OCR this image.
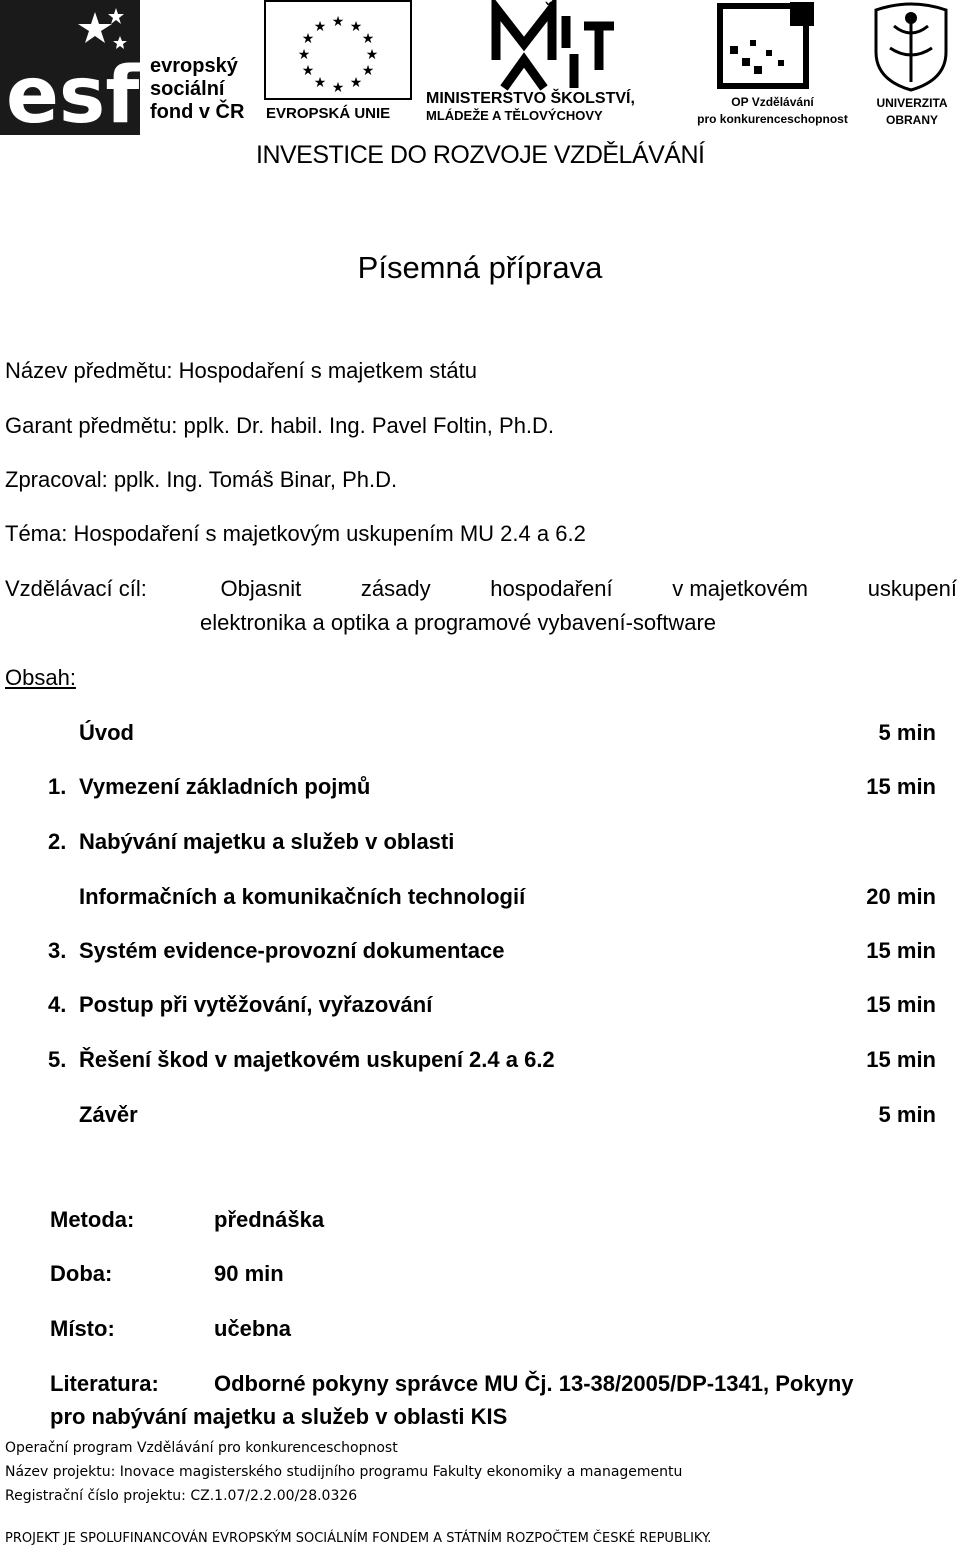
esf evropský
sociální
fond v ČR
★ ★
★
★
★
★
★
★
★
★
★
★
EVROPSKÁ UNIE
ˇ
MINISTERSTVO ŠKOLSTVÍ,
MLÁDEŽE A TĚLOVÝCHOVY
OP Vzdělávání
pro konkurenceschopnost
UNIVERZITA
OBRANY
INVESTICE DO ROZVOJE VZDĚLÁVÁNÍ
Písemná příprava
Název předmětu: Hospodaření s majetkem státu
Garant předmětu: pplk. Dr. habil. Ing. Pavel Foltin, Ph.D.
Zpracoval: pplk. Ing. Tomáš Binar, Ph.D.
Téma: Hospodaření s majetkovým uskupením MU 2.4 a 6.2
Vzdělávací cíl:	Objasnit	zásady	hospodaření	v majetkovém	uskupení
elektronika a optika a programové vybavení-software
Obsah:
Úvod	5 min
1. Vymezení základních pojmů	15 min
2. Nabývání majetku a služeb v oblasti
Informačních a komunikačních technologií	20 min
3. Systém evidence-provozní dokumentace	15 min
4. Postup při vytěžování, vyřazování	15 min
5. Řešení škod v majetkovém uskupení 2.4 a 6.2	15 min
Závěr	5 min
Metoda:	přednáška
Doba:	90 min
Místo:	učebna
Literatura:	Odborné pokyny správce MU Čj. 13-38/2005/DP-1341, Pokyny
pro nabývání majetku a služeb v oblasti KIS
Operační program Vzdělávání pro konkurenceschopnost
Název projektu: Inovace magisterského studijního programu Fakulty ekonomiky a managementu
Registrační číslo projektu: CZ.1.07/2.2.00/28.0326
PROJEKT JE SPOLUFINANCOVÁN EVROPSKÝM SOCIÁLNÍM FONDEM A STÁTNÍM ROZPOČTEM ČESKÉ REPUBLIKY.
